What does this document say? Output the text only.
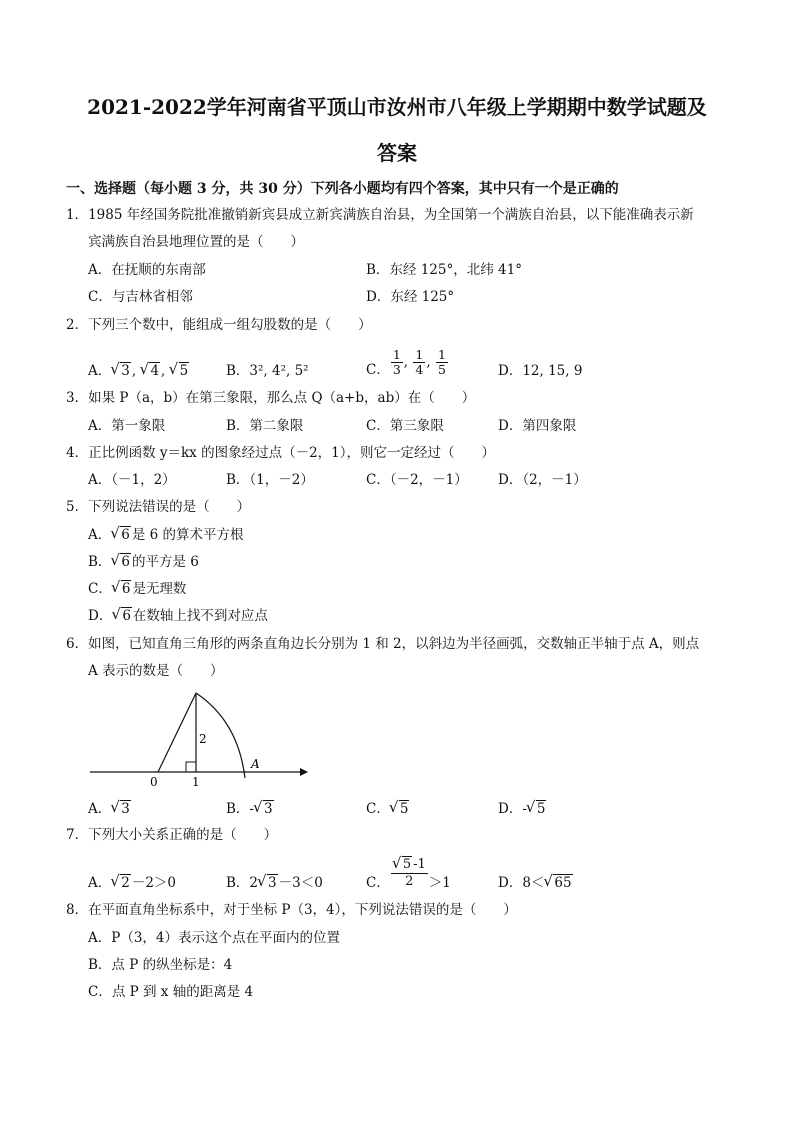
2021-2022学年河南省平顶山市汝州市八年级上学期期中数学试题及
答案
一、选择题（每小题 3 分，共 30 分）下列各小题均有四个答案，其中只有一个是正确的
1．1985 年经国务院批准撤销新宾县成立新宾满族自治县，为全国第一个满族自治县，以下能准确表示新
宾满族自治县地理位置的是（　　）
A．在抚顺的东南部	B．东经 125°，北纬 41°
C．与吉林省相邻	D．东经 125°
2．下列三个数中，能组成一组勾股数的是（　　）
A． √ 3 , √ 4 , √ 5	B．3², 4², 5²	C． $\frac{1}{3}$ , $\frac{1}{4}$ , $\frac{1}{5}$	D．12, 15, 9
3．如果 P（a，b）在第三象限，那么点 Q（a+b，ab）在（　　）
A．第一象限	B．第二象限	C．第三象限	D．第四象限
4．正比例函数 y＝kx 的图象经过点（－2，1），则它一定经过（　　）
A．（－1，2）	B．（1，－2）	C．（－2，－1） D．（2，－1）
5．下列说法错误的是（　　）
A． √ 6 是 6 的算术平方根
B． √ 6 的平方是 6
C． √ 6 是无理数
D． √ 6 在数轴上找不到对应点
6．如图，已知直角三角形的两条直角边长分别为 1 和 2，以斜边为半径画弧，交数轴正半轴于点 A，则点
A 表示的数是（　　）
2
0	1
A
A． √ 3	B．- √ 3	C． √ 5	D．- √ 5
7．下列大小关系正确的是（　　）
A． √ 2 －2＞0	B．2 √ 3 －3＜0	C． √ $\frac{5 -1}{2} >1$	D．8＜ √ 65
8．在平面直角坐标系中，对于坐标 P（3，4），下列说法错误的是（　　）
A．P（3，4）表示这个点在平面内的位置
B．点 P 的纵坐标是：4
C．点 P 到 x 轴的距离是 4
